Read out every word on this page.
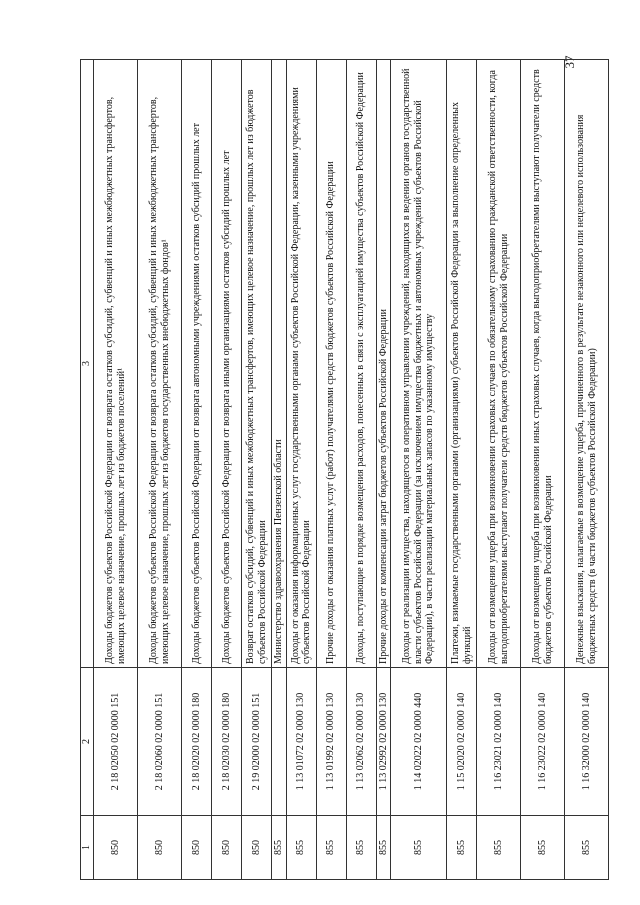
37
1	2	3
850	2 18 02050 02 0000 151	Доходы бюджетов субъектов Российской Федерации от возврата остатков субсидий, субвенций и иных межбюджетных трансфертов, имеющих целевое назначение, прошлых лет из бюджетов поселений¹
850	2 18 02060 02 0000 151	Доходы бюджетов субъектов Российской Федерации от возврата остатков субсидий, субвенций и иных межбюджетных трансфертов, имеющих целевое назначение, прошлых лет из бюджетов государственных внебюджетных фондов¹
850	2 18 02020 02 0000 180	Доходы бюджетов субъектов Российской Федерации от возврата автономными учреждениями остатков субсидий прошлых лет
850	2 18 02030 02 0000 180	Доходы бюджетов субъектов Российской Федерации от возврата иными организациями остатков субсидий прошлых лет
850	2 19 02000 02 0000 151	Возврат остатков субсидий, субвенций и иных межбюджетных трансфертов, имеющих целевое назначение, прошлых лет из бюджетов субъектов Российской Федерации
855		Министерство здравоохранения Пензенской области
855	1 13 01072 02 0000 130	Доходы от оказания информационных услуг государственными органами субъектов Российской Федерации, казенными учреждениями субъектов Российской Федерации
855	1 13 01992 02 0000 130	Прочие доходы от оказания платных услуг (работ) получателями средств бюджетов субъектов Российской Федерации
855	1 13 02062 02 0000 130	Доходы, поступающие в порядке возмещения расходов, понесенных в связи с эксплуатацией имущества субъектов Российской Федерации
855	1 13 02992 02 0000 130	Прочие доходы от компенсации затрат бюджетов субъектов Российской Федерации
855	1 14 02022 02 0000 440	Доходы от реализации имущества, находящегося в оперативном управлении учреждений, находящихся в ведении органов государственной власти субъектов Российской Федерации (за исключением имущества бюджетных и автономных учреждений субъектов Российской Федерации), в части реализации материальных запасов по указанному имуществу
855	1 15 02020 02 0000 140	Платежи, взимаемые государственными органами (организациями) субъектов Российской Федерации за выполнение определенных функций
855	1 16 23021 02 0000 140	Доходы от возмещения ущерба при возникновении страховых случаев по обязательному страхованию гражданской ответственности, когда выгодоприобретателями выступают получатели средств бюджетов субъектов Российской Федерации
855	1 16 23022 02 0000 140	Доходы от возмещения ущерба при возникновении иных страховых случаев, когда выгодоприобретателями выступают получатели средств бюджетов субъектов Российской Федерации
855	1 16 32000 02 0000 140	Денежные взыскания, налагаемые в возмещение ущерба, причиненного в результате незаконного или нецелевого использования бюджетных средств (в части бюджетов субъектов Российской Федерации)
